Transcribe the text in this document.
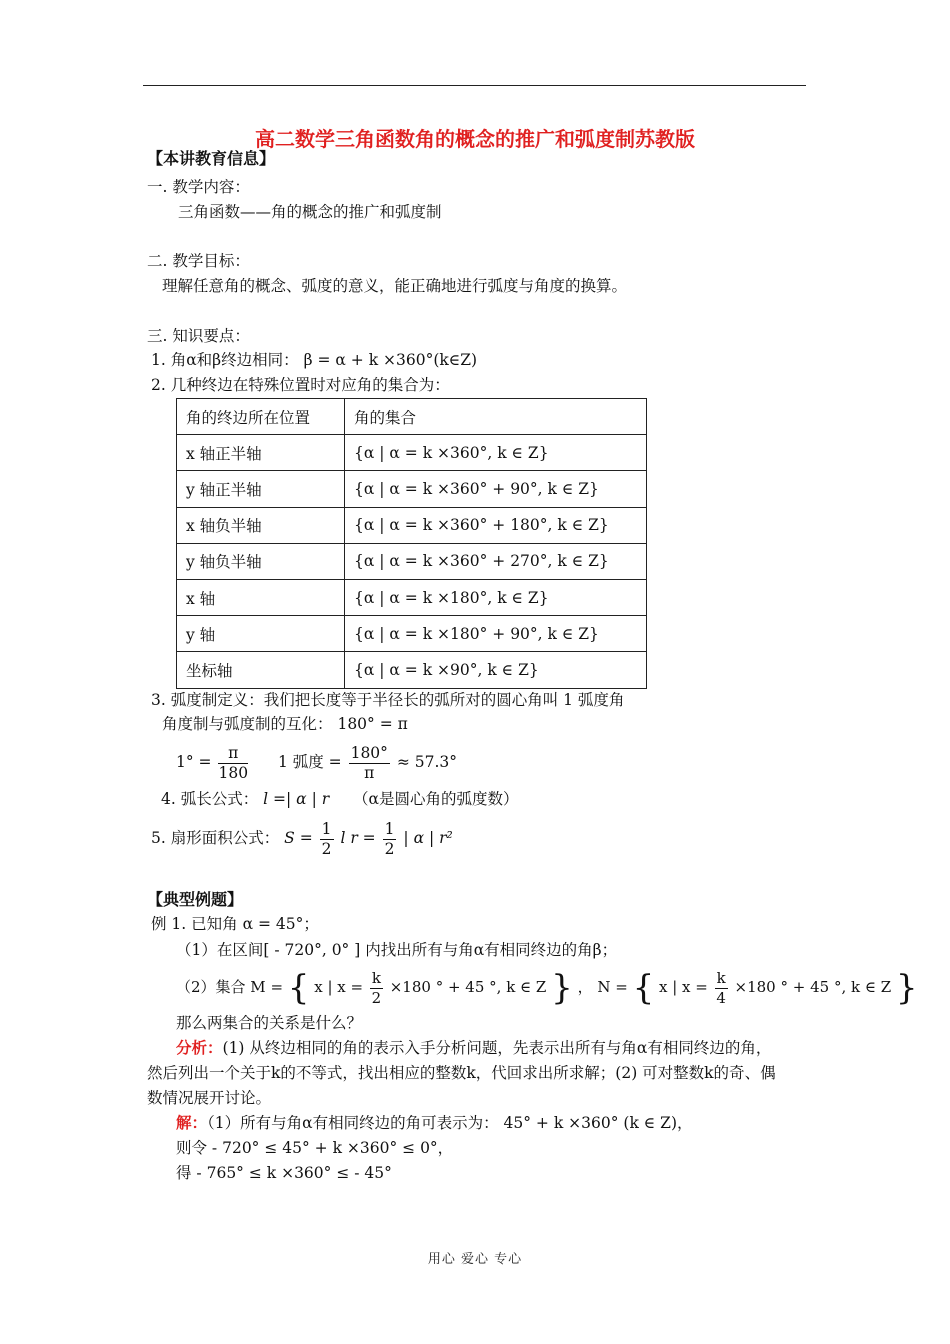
高二数学三角函数角的概念的推广和弧度制苏教版
【本讲教育信息】
一. 教学内容：
三角函数——角的概念的推广和弧度制
二. 教学目标：
理解任意角的概念、弧度的意义，能正确地进行弧度与角度的换算。
三. 知识要点：
1. 角α和β终边相同： β = α + k ×360°(k∈Z)
2. 几种终边在特殊位置时对应角的集合为：
角的终边所在位置	角的集合
x 轴正半轴	{α | α = k ×360°, k ∈ Z}
y 轴正半轴	{α | α = k ×360° + 90°, k ∈ Z}
x 轴负半轴	{α | α = k ×360° + 180°, k ∈ Z}
y 轴负半轴	{α | α = k ×360° + 270°, k ∈ Z}
x 轴	{α | α = k ×180°, k ∈ Z}
y 轴	{α | α = k ×180° + 90°, k ∈ Z}
坐标轴	{α | α = k ×90°, k ∈ Z}
3. 弧度制定义：我们把长度等于半径长的弧所对的圆心角叫 1 弧度角
角度制与弧度制的互化： 180° = π
$1^\circ = \frac{\pi}{180} 1$ 弧度 = $\frac{180^\circ}{\pi} \approx 57.3^\circ$
4. 弧长公式： l =| α | r （α是圆心角的弧度数）
5. 扇形面积公式： $S = \frac{1}{2}$ l $r = \frac{1}{2}$ | α | r²
【典型例题】
例 1. 已知角 α = 45°；
（1）在区间[ - 720°, 0° ] 内找出所有与角α有相同终边的角β；
（2）集合 M = { x | $x = \frac{k}{2} \times 180$ ° + 45 °, k ∈ Z } ， N = { x | $x = \frac{k}{4} \times 180$ ° + 45 °, k ∈ Z }
那么两集合的关系是什么？
分析：(1) 从终边相同的角的表示入手分析问题，先表示出所有与角α有相同终边的角，
然后列出一个关于k的不等式，找出相应的整数k，代回求出所求解；(2) 可对整数k的奇、偶
数情况展开讨论。
解：（1）所有与角α有相同终边的角可表示为： 45° + k ×360° (k ∈ Z)，
则令 - 720° ≤ 45° + k ×360° ≤ 0°，
得 - 765° ≤ k ×360° ≤ - 45°
用心 爱心 专心
